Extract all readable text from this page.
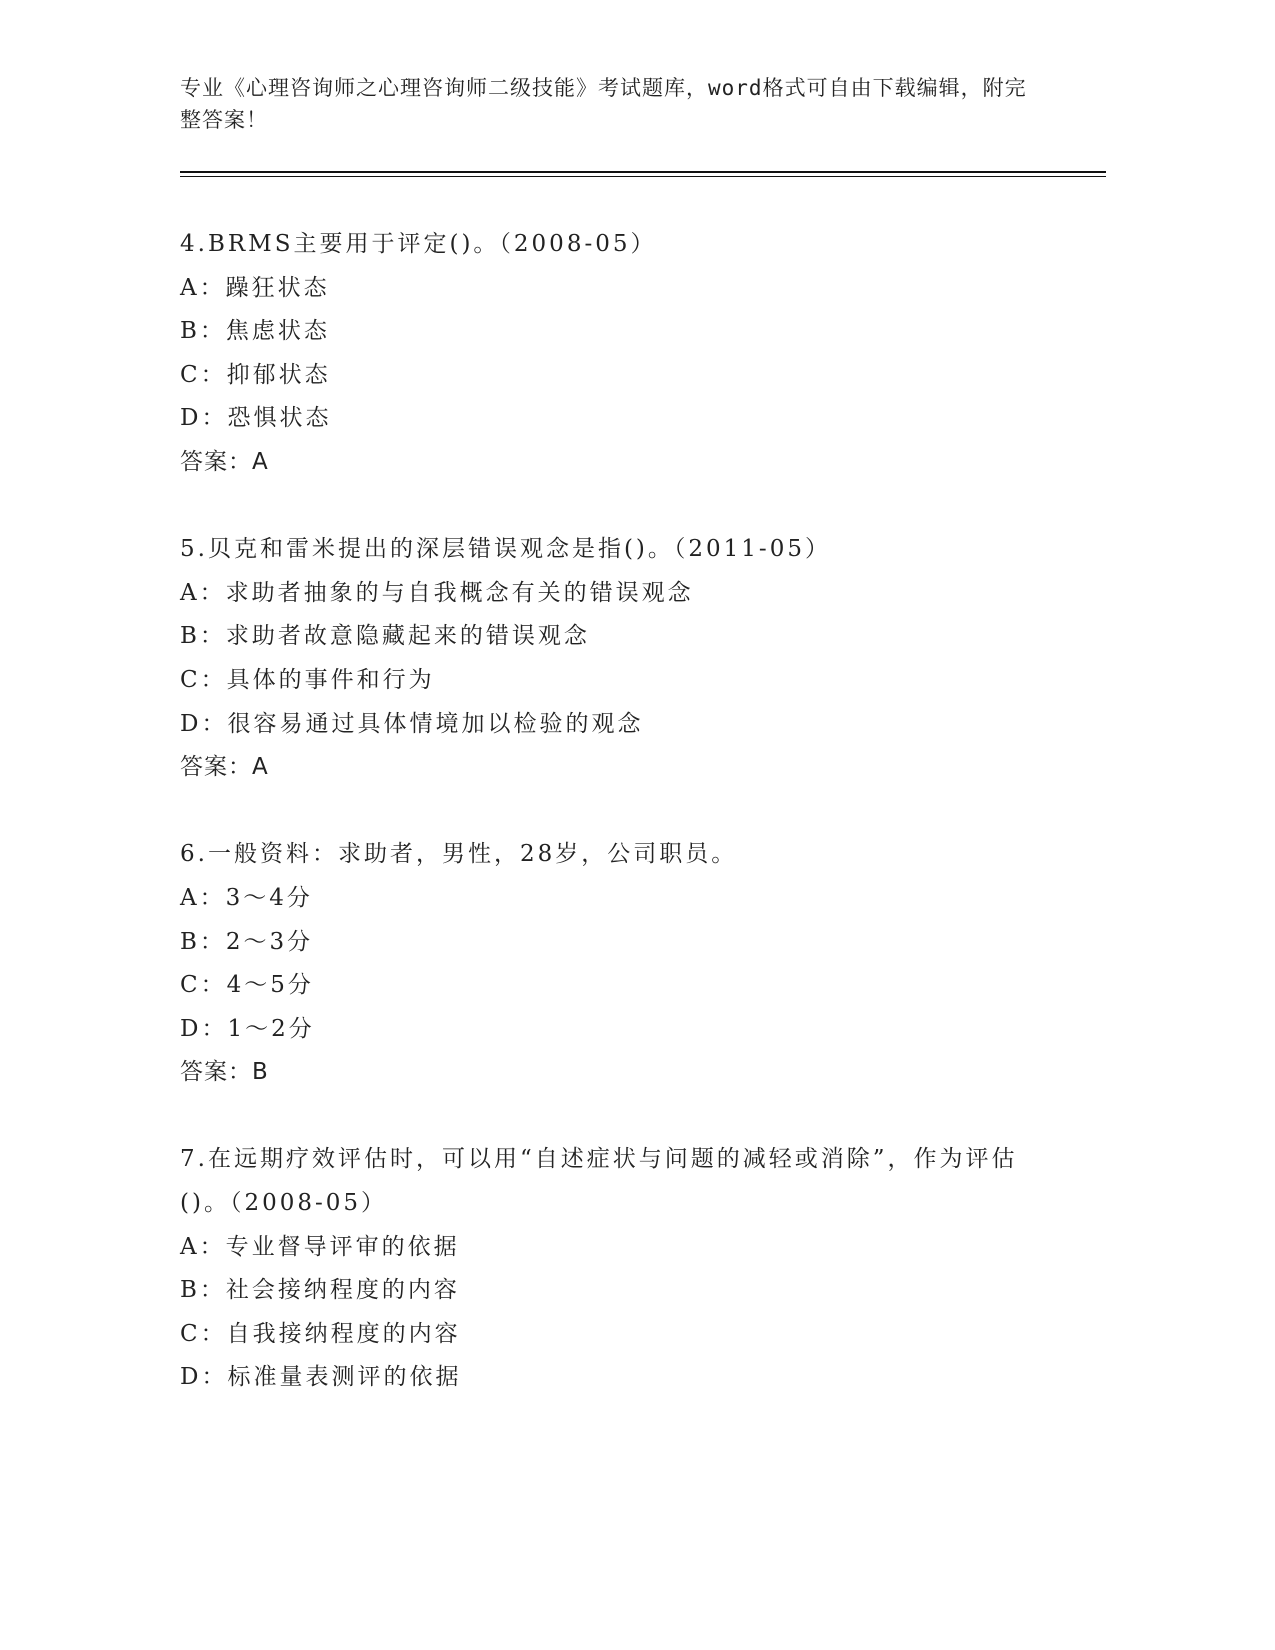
专业《心理咨询师之心理咨询师二级技能》考试题库，word格式可自由下载编辑，附完整答案！
4.BRMS主要用于评定()。（2008-05）
A：躁狂状态
B：焦虑状态
C：抑郁状态
D：恐惧状态
答案：A
5.贝克和雷米提出的深层错误观念是指()。（2011-05）
A：求助者抽象的与自我概念有关的错误观念
B：求助者故意隐藏起来的错误观念
C：具体的事件和行为
D：很容易通过具体情境加以检验的观念
答案：A
6.一般资料：求助者，男性，28岁，公司职员。
A：3～4分
B：2～3分
C：4～5分
D：1～2分
答案：B
7.在远期疗效评估时，可以用“自述症状与问题的减轻或消除”，作为评估()。（2008-05）
A：专业督导评审的依据
B：社会接纳程度的内容
C：自我接纳程度的内容
D：标准量表测评的依据
